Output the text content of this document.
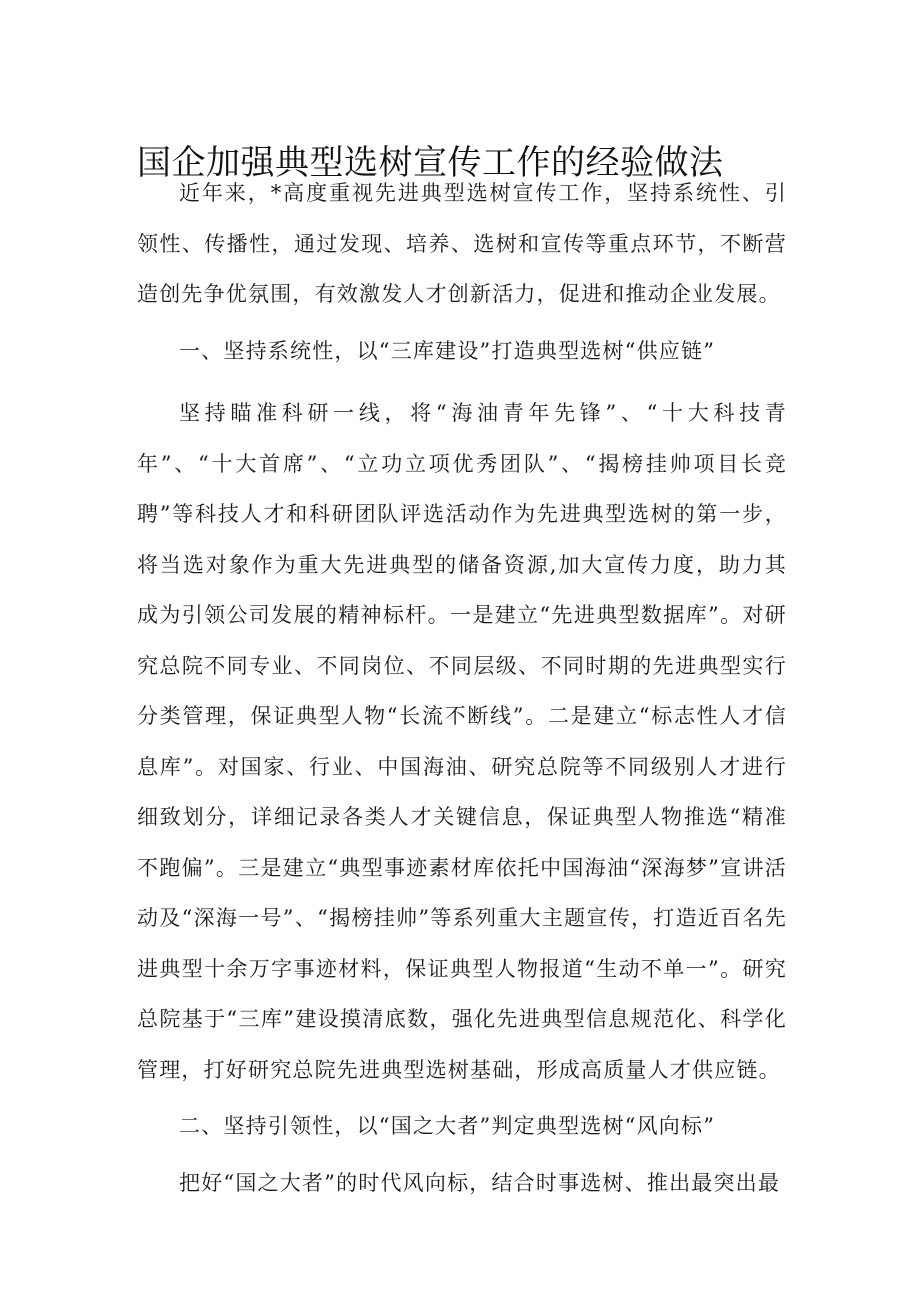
国企加强典型选树宣传工作的经验做法

近年来，*高度重视先进典型选树宣传工作，坚持系统性、引领性、传播性，通过发现、培养、选树和宣传等重点环节，不断营造创先争优氛围，有效激发人才创新活力，促进和推动企业发展。

一、坚持系统性，以“三库建设”打造典型选树“供应链”

坚持瞄准科研一线，将“海油青年先锋”、“十大科技青年”、“十大首席”、“立功立项优秀团队”、“揭榜挂帅项目长竞聘”等科技人才和科研团队评选活动作为先进典型选树的第一步，将当选对象作为重大先进典型的储备资源,加大宣传力度，助力其成为引领公司发展的精神标杆。一是建立“先进典型数据库”。对研究总院不同专业、不同岗位、不同层级、不同时期的先进典型实行分类管理，保证典型人物“长流不断线”。二是建立“标志性人才信息库”。对国家、行业、中国海油、研究总院等不同级别人才进行细致划分，详细记录各类人才关键信息，保证典型人物推选“精准不跑偏”。三是建立“典型事迹素材库依托中国海油“深海梦”宣讲活动及“深海一号”、“揭榜挂帅”等系列重大主题宣传，打造近百名先进典型十余万字事迹材料，保证典型人物报道“生动不单一”。研究总院基于“三库”建设摸清底数，强化先进典型信息规范化、科学化管理，打好研究总院先进典型选树基础，形成高质量人才供应链。

二、坚持引领性，以“国之大者”判定典型选树“风向标”

把好“国之大者”的时代风向标，结合时事选树、推出最突出最
